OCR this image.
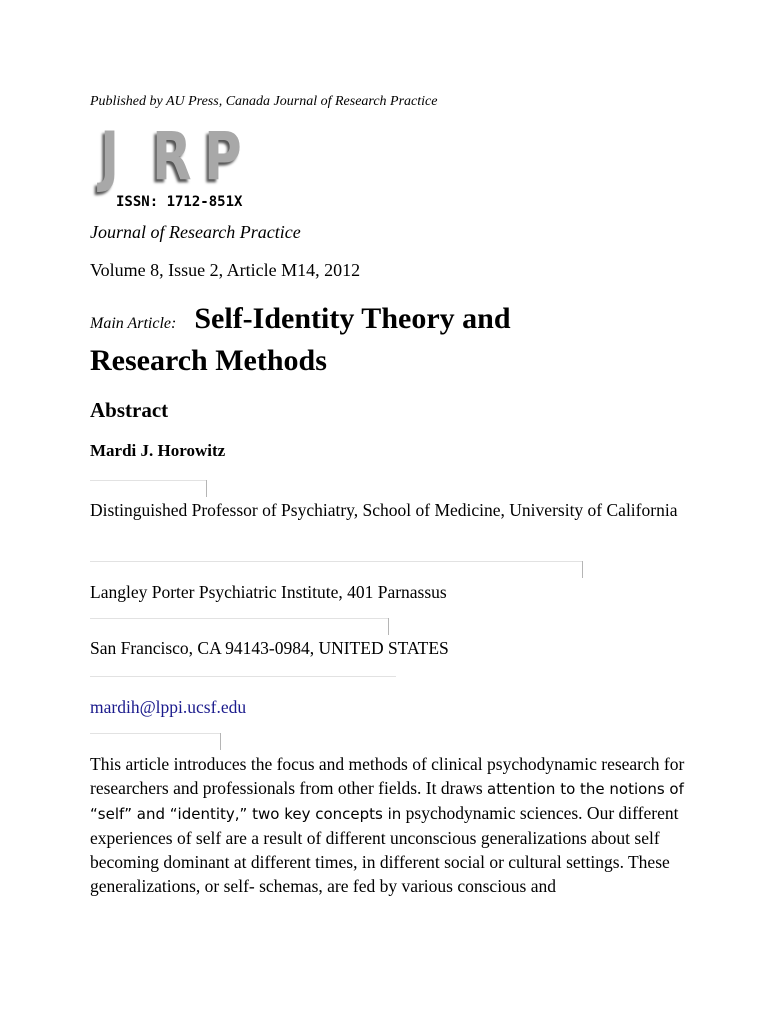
Published by AU Press, Canada Journal of Research Practice
J R P
ISSN: 1712-851X
Journal of Research Practice
Volume 8, Issue 2, Article M14, 2012
Main Article: Self-Identity Theory and
Research Methods
Abstract
Mardi J. Horowitz
Distinguished Professor of Psychiatry, School of Medicine, University of California
Langley Porter Psychiatric Institute, 401 Parnassus
San Francisco, CA 94143-0984, UNITED STATES
mardih@lppi.ucsf.edu
This article introduces the focus and methods of clinical psychodynamic research for researchers and professionals from other fields. It draws attention to the notions of “self” and “identity,” two key concepts in psychodynamic sciences. Our different experiences of self are a result of different unconscious generalizations about self becoming dominant at different times, in different social or cultural settings. These generalizations, or self- schemas, are fed by various conscious and
